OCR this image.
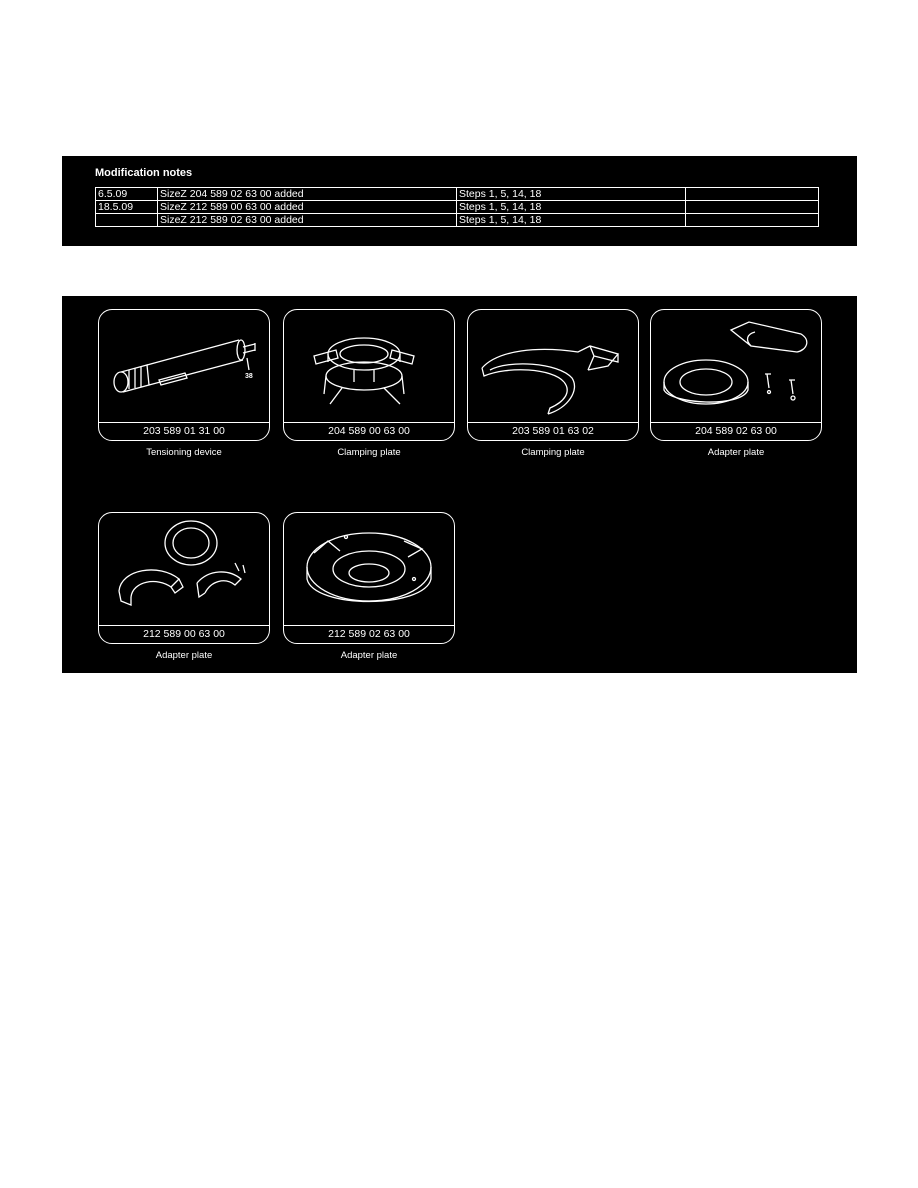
Modification notes
6.5.09	SizeZ 204 589 02 63 00 added	Steps 1, 5, 14, 18	
18.5.09	SizeZ 212 589 00 63 00 added	Steps 1, 5, 14, 18	
	SizeZ 212 589 02 63 00 added	Steps 1, 5, 14, 18	
38
203 589 01 31 00
Tensioning device
204 589 00 63 00
Clamping plate
203 589 01 63 02
Clamping plate
204 589 02 63 00
Adapter plate
212 589 00 63 00
Adapter plate
212 589 02 63 00
Adapter plate
